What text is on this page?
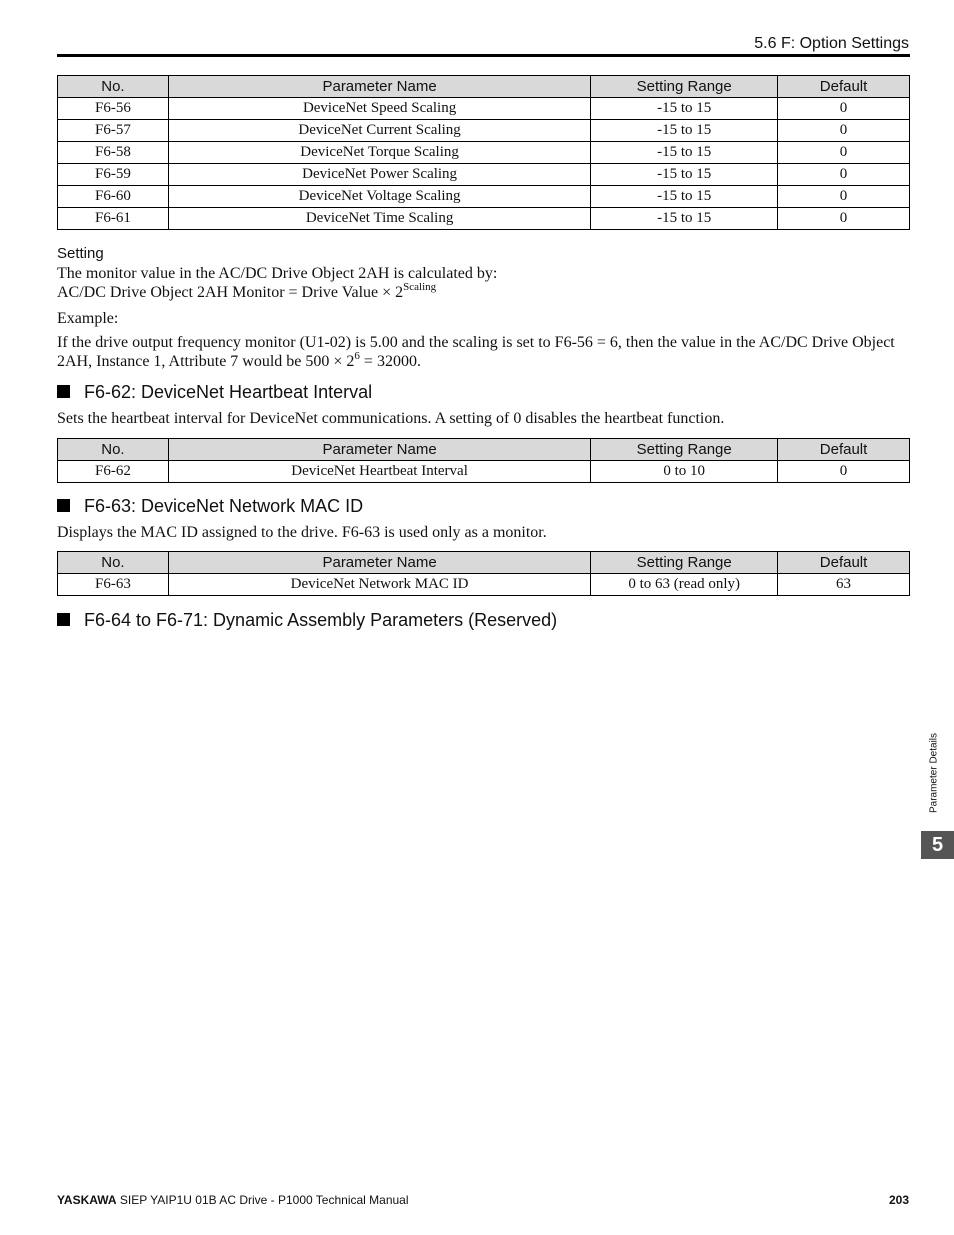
5.6 F: Option Settings
No.	Parameter Name	Setting Range	Default
F6-56	DeviceNet Speed Scaling	-15 to 15	0
F6-57	DeviceNet Current Scaling	-15 to 15	0
F6-58	DeviceNet Torque Scaling	-15 to 15	0
F6-59	DeviceNet Power Scaling	-15 to 15	0
F6-60	DeviceNet Voltage Scaling	-15 to 15	0
F6-61	DeviceNet Time Scaling	-15 to 15	0
Setting

The monitor value in the AC/DC Drive Object 2AH is calculated by:

AC/DC Drive Object 2AH Monitor = Drive Value × $2^{Scaling}$

Example:

If the drive output frequency monitor (U1-02) is 5.00 and the scaling is set to F6-56 = 6, then the value in the AC/DC Drive Object 2AH, Instance 1, Attribute 7 would be $500 \times 2^6 = 32000$.

F6-62: DeviceNet Heartbeat Interval

Sets the heartbeat interval for DeviceNet communications. A setting of 0 disables the heartbeat function.

No.	Parameter Name	Setting Range	Default
F6-62	DeviceNet Heartbeat Interval	0 to 10	0
F6-63: DeviceNet Network MAC ID

Displays the MAC ID assigned to the drive. F6-63 is used only as a monitor.

No.	Parameter Name	Setting Range	Default
F6-63	DeviceNet Network MAC ID	0 to 63 (read only)	63
F6-64 to F6-71: Dynamic Assembly Parameters (Reserved)
Parameter Details
5
YASKAWA SIEP YAIP1U 01B AC Drive - P1000 Technical Manual	203
